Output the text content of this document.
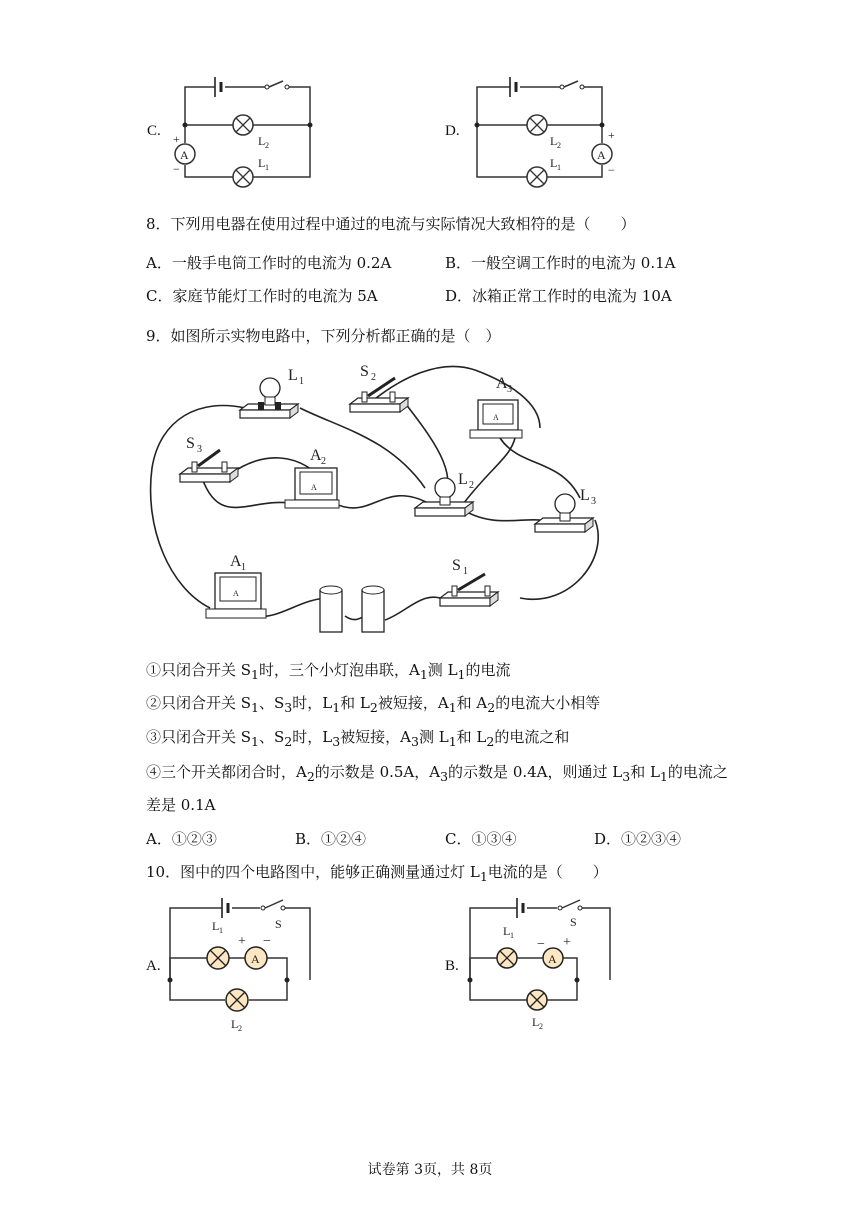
C.
L 2
A
+
−	L 1
D.
L 2
A
+
−
L 1
8．下列用电器在使用过程中通过的电流与实际情况大致相符的是（　　）
A．一般手电筒工作时的电流为 0.2A	B．一般空调工作时的电流为 0.1A
C．家庭节能灯工作时的电流为 5A	D．冰箱正常工作时的电流为 10A
9．如图所示实物电路中，下列分析都正确的是（　）
L 1
S 2
A
A 3
S 3
A
A 2
L 2
L 3
A
A 1	S 1
①只闭合开关 $S_1$时，三个小灯泡串联，$A_1$测 $L_1$的电流
②只闭合开关 $S_1$、$S_3$时，$L_1$和 $L_2$被短接，$A_1$和 $A_2$的电流大小相等
③只闭合开关 $S_1$、$S_2$时，$L_3$被短接，$A_3$测 $L_1$和 $L_2$的电流之和
④三个开关都闭合时，$A_2$的示数是 0.5A，$A_3$的示数是 0.4A，则通过 $L_3$和 $L_1$的电流之
差是 0.1A
A．①②③	B．①②④	C．①③④	D．①②③④
10．图中的四个电路图中，能够正确测量通过灯 $L_1$电流的是（　　）
A.
S
L 1
+ −
A
L 2
B.
S
L 1
− +
A
L 2
试卷第 3页，共 8页
